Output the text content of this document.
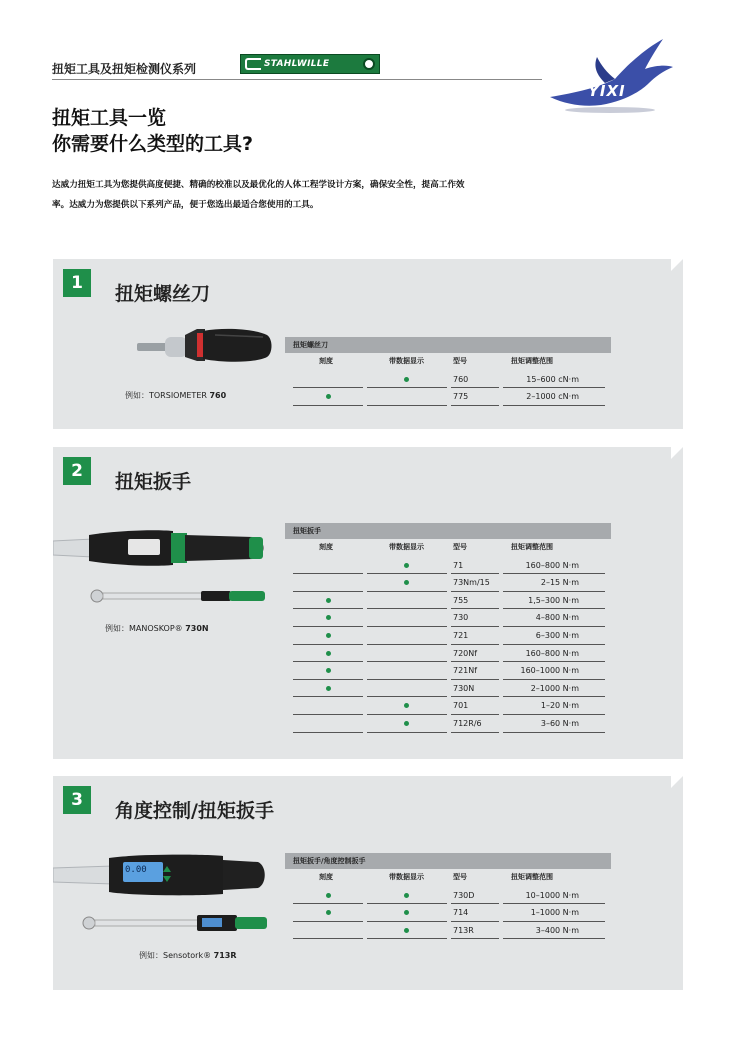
扭矩工具及扭矩检测仪系列	STAHLWILLE
YIXI
扭矩工具一览
你需要什么类型的工具?
达威力扭矩工具为您提供高度便捷、精确的校准以及最优化的人体工程学设计方案，确保安全性，提高工作效
率。达威力为您提供以下系列产品，便于您选出最适合您使用的工具。
1	扭矩螺丝刀
例如：TORSIOMETER 760
扭矩螺丝刀
刻度	带数据显示	型号	扭矩调整范围
760	15–600 cN·m
775	2–1000 cN·m
2	扭矩扳手
例如：MANOSKOP® 730N
扭矩扳手
刻度	带数据显示	型号	扭矩调整范围
71	160–800 N·m
73Nm/15	2–15 N·m
755	1,5–300 N·m
730	4–800 N·m
721	6–300 N·m
720Nf	160–800 N·m
721Nf	160–1000 N·m
730N	2–1000 N·m
701	1–20 N·m
712R/6	3–60 N·m
3	角度控制/扭矩扳手
0.00
例如：Sensotork® 713R
扭矩扳手/角度控制扳手
刻度	带数据显示	型号	扭矩调整范围
730D	10–1000 N·m
714	1–1000 N·m
713R	3–400 N·m
